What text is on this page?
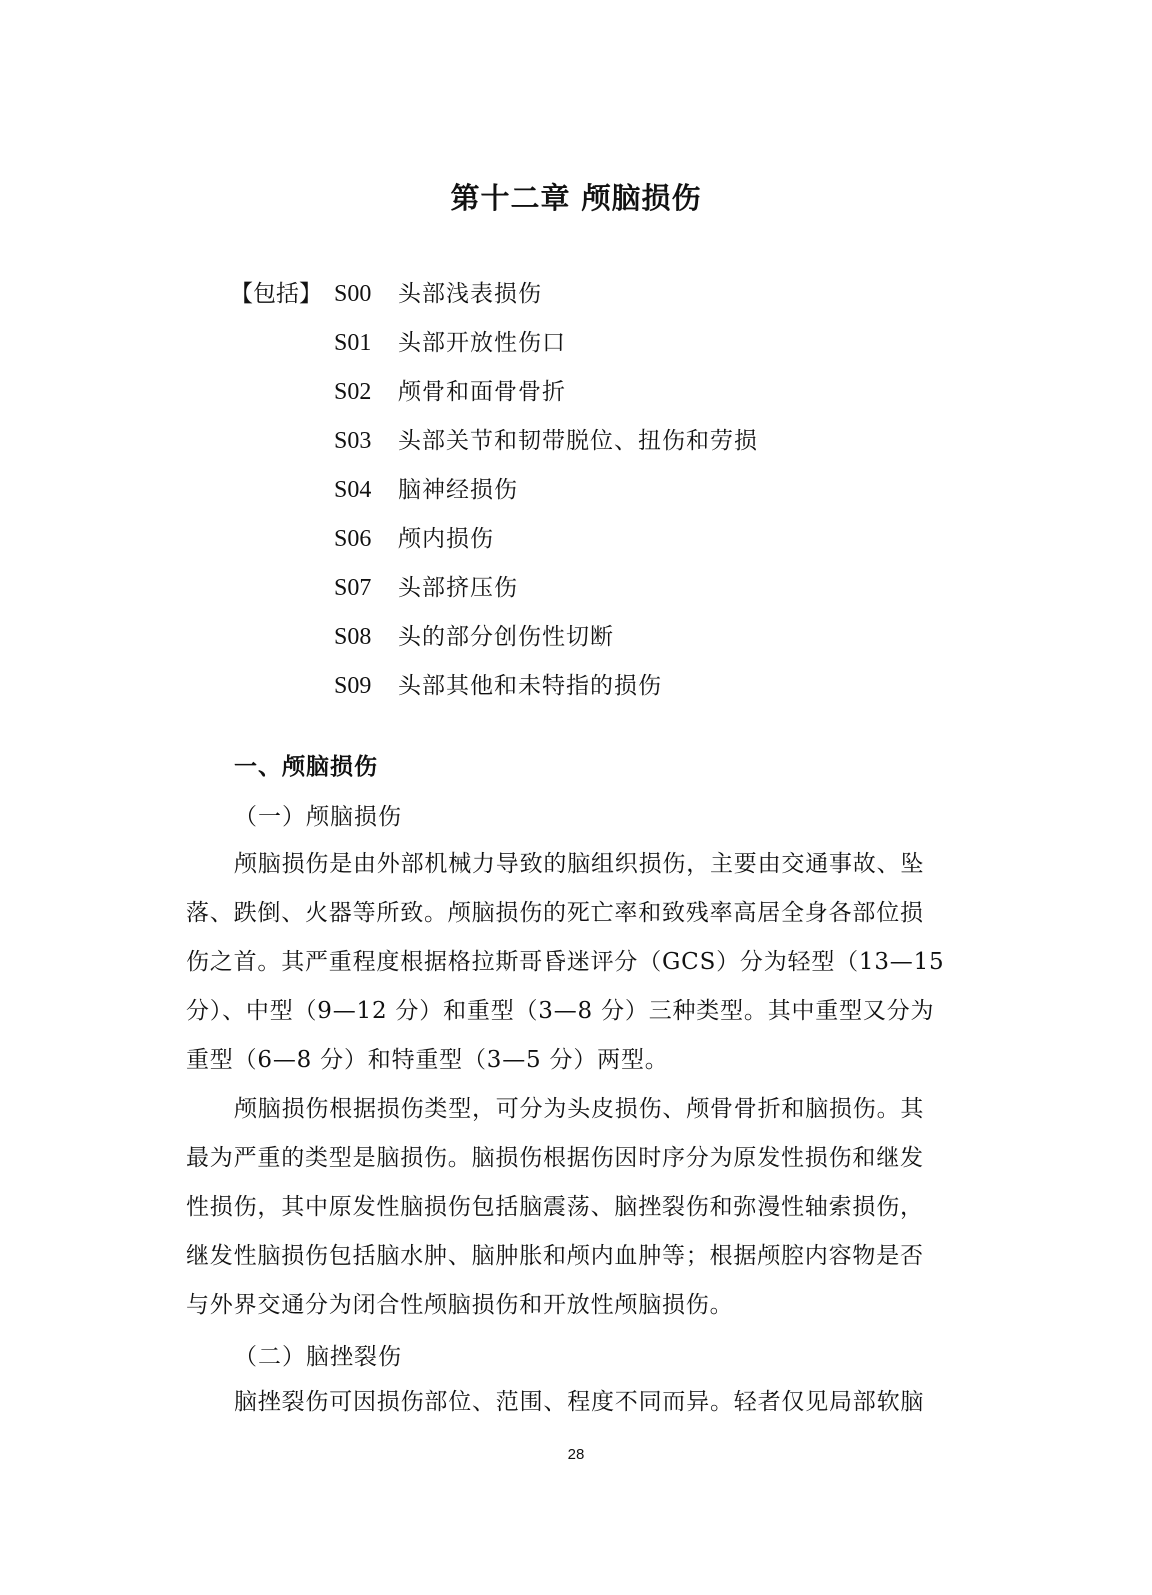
第十二章 颅脑损伤
【包括】 S00	头部浅表损伤
S01	头部开放性伤口
S02	颅骨和面骨骨折
S03	头部关节和韧带脱位、扭伤和劳损
S04	脑神经损伤
S06	颅内损伤
S07	头部挤压伤
S08	头的部分创伤性切断
S09	头部其他和未特指的损伤
一、颅脑损伤
（一）颅脑损伤
颅脑损伤是由外部机械力导致的脑组织损伤，主要由交通事故、坠
落、跌倒、火器等所致。颅脑损伤的死亡率和致残率高居全身各部位损
伤之首。其严重程度根据格拉斯哥昏迷评分（GCS）分为轻型（13—15
分）、中型（9—12 分）和重型（3—8 分）三种类型。其中重型又分为
重型（6—8 分）和特重型（3—5 分）两型。
颅脑损伤根据损伤类型，可分为头皮损伤、颅骨骨折和脑损伤。其
最为严重的类型是脑损伤。脑损伤根据伤因时序分为原发性损伤和继发
性损伤，其中原发性脑损伤包括脑震荡、脑挫裂伤和弥漫性轴索损伤，
继发性脑损伤包括脑水肿、脑肿胀和颅内血肿等；根据颅腔内容物是否
与外界交通分为闭合性颅脑损伤和开放性颅脑损伤。
（二）脑挫裂伤
脑挫裂伤可因损伤部位、范围、程度不同而异。轻者仅见局部软脑
28
